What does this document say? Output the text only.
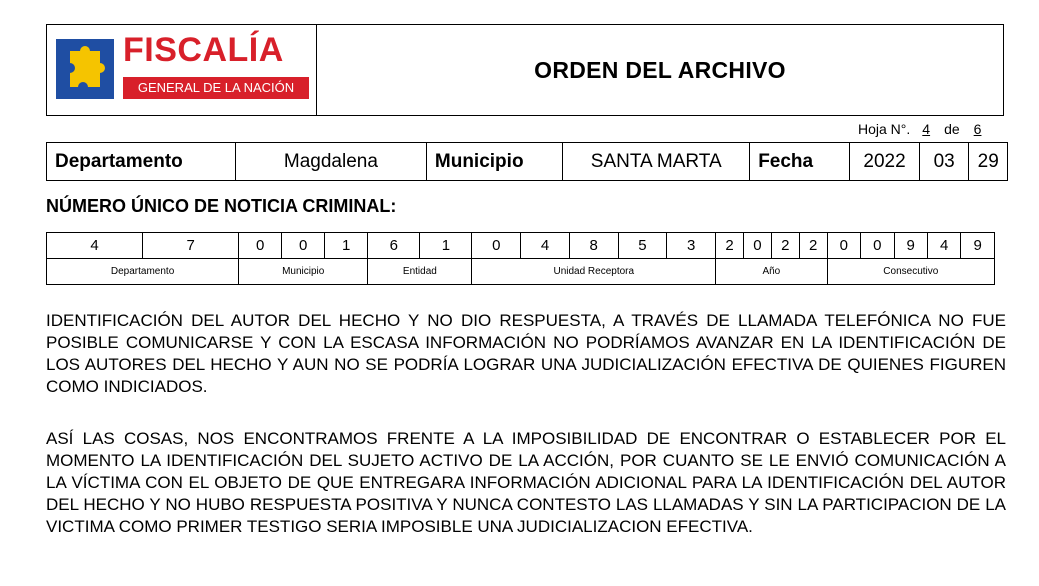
FISCALÍA
GENERAL DE LA NACIÓN
ORDEN DEL ARCHIVO
Hoja N°. 4 de 6
Departamento	Magdalena	Municipio	SANTA MARTA	Fecha	2022	03	29
NÚMERO ÚNICO DE NOTICIA CRIMINAL:
4	7	0	0	1	6	1	0	4	8	5	3	2	0	2	2	0	0	9	4	9
Departamento		Municipio			Entidad		Unidad Receptora					Año				Consecutivo				
IDENTIFICACIÓN DEL AUTOR DEL HECHO Y NO DIO RESPUESTA, A TRAVÉS DE LLAMADA TELEFÓNICA NO FUE POSIBLE COMUNICARSE Y CON LA ESCASA INFORMACIÓN NO PODRÍAMOS AVANZAR EN LA IDENTIFICACIÓN DE LOS AUTORES DEL HECHO Y AUN NO SE PODRÍA LOGRAR UNA JUDICIALIZACIÓN EFECTIVA DE QUIENES FIGUREN COMO INDICIADOS.
ASÍ LAS COSAS, NOS ENCONTRAMOS FRENTE A LA IMPOSIBILIDAD DE ENCONTRAR O ESTABLECER POR EL MOMENTO LA IDENTIFICACIÓN DEL SUJETO ACTIVO DE LA ACCIÓN, POR CUANTO SE LE ENVIÓ COMUNICACIÓN A LA VÍCTIMA CON EL OBJETO DE QUE ENTREGARA INFORMACIÓN ADICIONAL PARA LA IDENTIFICACIÓN DEL AUTOR DEL HECHO Y NO HUBO RESPUESTA POSITIVA Y NUNCA CONTESTO LAS LLAMADAS Y SIN LA PARTICIPACION DE LA VICTIMA COMO PRIMER TESTIGO SERIA IMPOSIBLE UNA JUDICIALIZACION EFECTIVA.
